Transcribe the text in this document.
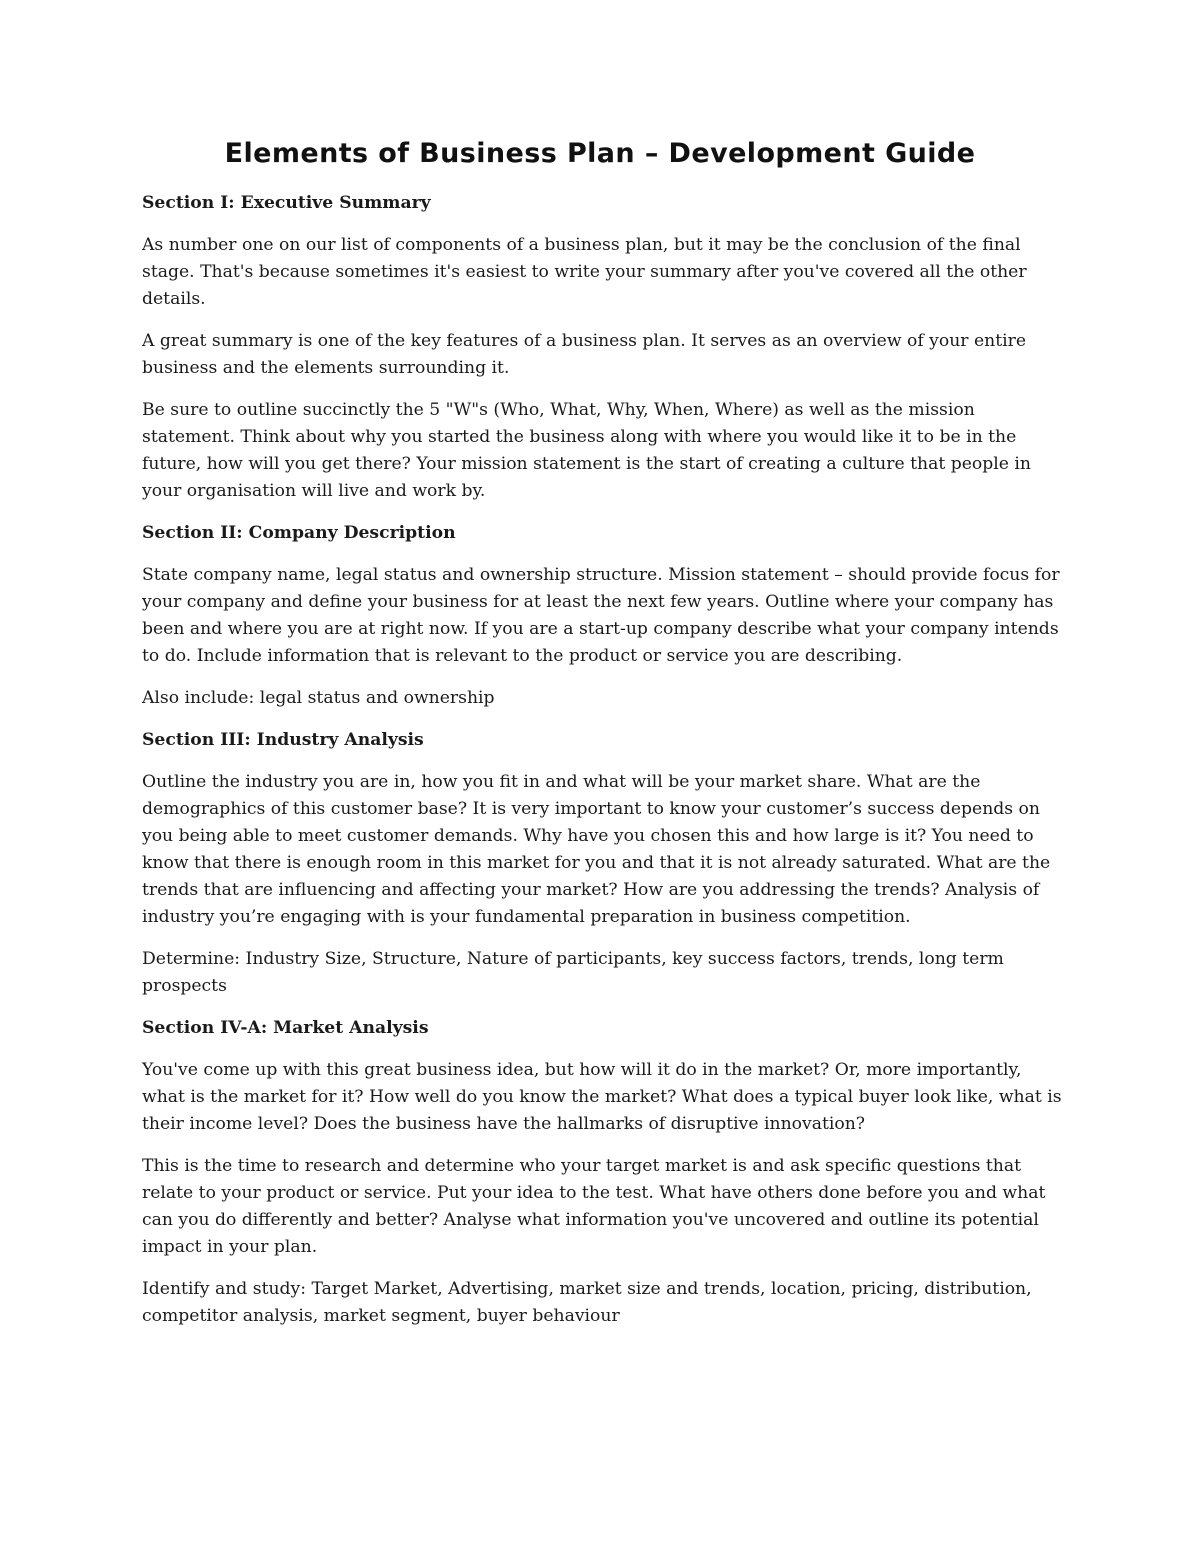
Elements of Business Plan – Development Guide
Section I: Executive Summary

As number one on our list of components of a business plan, but it may be the conclusion of the final stage. That's because sometimes it's easiest to write your summary after you've covered all the other details.

A great summary is one of the key features of a business plan. It serves as an overview of your entire business and the elements surrounding it.

Be sure to outline succinctly the 5 "W"s (Who, What, Why, When, Where) as well as the mission statement. Think about why you started the business along with where you would like it to be in the future, how will you get there? Your mission statement is the start of creating a culture that people in your organisation will live and work by.

Section II: Company Description

State company name, legal status and ownership structure. Mission statement – should provide focus for your company and define your business for at least the next few years. Outline where your company has been and where you are at right now. If you are a start-up company describe what your company intends to do. Include information that is relevant to the product or service you are describing.

Also include: legal status and ownership

Section III: Industry Analysis

Outline the industry you are in, how you fit in and what will be your market share. What are the demographics of this customer base? It is very important to know your customer’s success depends on you being able to meet customer demands. Why have you chosen this and how large is it? You need to know that there is enough room in this market for you and that it is not already saturated. What are the trends that are influencing and affecting your market? How are you addressing the trends? Analysis of industry you’re engaging with is your fundamental preparation in business competition.

Determine: Industry Size, Structure, Nature of participants, key success factors, trends, long term prospects

Section IV-A: Market Analysis

You've come up with this great business idea, but how will it do in the market? Or, more importantly, what is the market for it? How well do you know the market? What does a typical buyer look like, what is their income level? Does the business have the hallmarks of disruptive innovation?

This is the time to research and determine who your target market is and ask specific questions that relate to your product or service. Put your idea to the test. What have others done before you and what can you do differently and better? Analyse what information you've uncovered and outline its potential impact in your plan.

Identify and study: Target Market, Advertising, market size and trends, location, pricing, distribution, competitor analysis, market segment, buyer behaviour
